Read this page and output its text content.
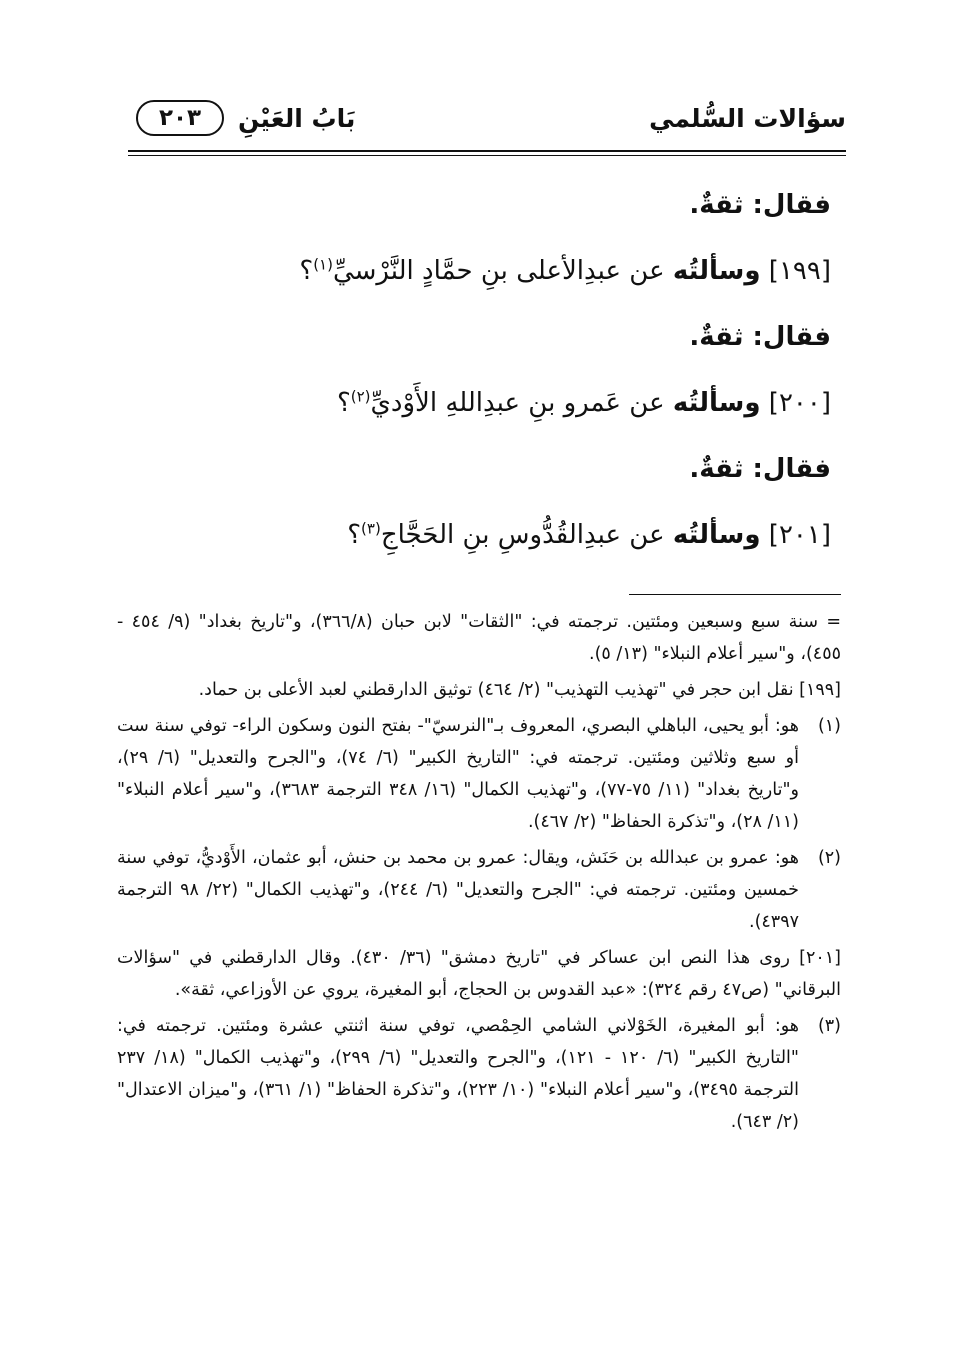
سؤالات السُّلمي
بَابُ العَيْنِ
٢٠٣
فقال: ثقةٌ.
[١٩٩] وسألتُه عن عبدِالأعلى بنِ حمَّادٍ النَّرْسيِّ$^{(١)}$؟
فقال: ثقةٌ.
[٢٠٠] وسألتُه عن عَمرو بنِ عبدِاللهِ الأَوْديِّ$^{(٢)}$؟
فقال: ثقةٌ.
[٢٠١] وسألتُه عن عبدِالقُدُّوسِ بنِ الحَجَّاجِ$^{(٣)}$؟
= سنة سبع وسبعين ومئتين. ترجمته في: "الثقات" لابن حبان (٣٦٦/٨)، و"تاريخ بغداد" (٩/ ٤٥٤ - ٤٥٥)، و"سير أعلام النبلاء" (١٣/ ٥).
[١٩٩] نقل ابن حجر في "تهذيب التهذيب" (٢/ ٤٦٤) توثيق الدارقطني لعبد الأعلى بن حماد.
(١)
هو: أبو يحيى، الباهلي البصري، المعروف بـ"النرسيّ"- بفتح النون وسكون الراء- توفي سنة ست أو سبع وثلاثين ومئتين. ترجمته في: "التاريخ الكبير" (٦/ ٧٤)، و"الجرح والتعديل" (٦/ ٢٩)، و"تاريخ بغداد" (١١/ ٧٥-٧٧)، و"تهذيب الكمال" (١٦/ ٣٤٨ الترجمة ٣٦٨٣)، و"سير أعلام النبلاء" (١١/ ٢٨)، و"تذكرة الحفاظ" (٢/ ٤٦٧).
(٢)
هو: عمرو بن عبدالله بن حَنَش، ويقال: عمرو بن محمد بن حنش، أبو عثمان، الأَوْديُّ، توفي سنة خمسين ومئتين. ترجمته في: "الجرح والتعديل" (٦/ ٢٤٤)، و"تهذيب الكمال" (٢٢/ ٩٨ الترجمة ٤٣٩٧).
[٢٠١] روى هذا النص ابن عساكر في "تاريخ دمشق" (٣٦/ ٤٣٠). وقال الدارقطني في "سؤالات البرقاني" (ص٤٧ رقم ٣٢٤): «عبد القدوس بن الحجاج، أبو المغيرة، يروي عن الأوزاعي، ثقة».
(٣)
هو: أبو المغيرة، الخَوْلاني الشامي الحِمْصي، توفي سنة اثنتي عشرة ومئتين. ترجمته في: "التاريخ الكبير" (٦/ ١٢٠ - ١٢١)، و"الجرح والتعديل" (٦/ ٢٩٩)، و"تهذيب الكمال" (١٨/ ٢٣٧ الترجمة ٣٤٩٥)، و"سير أعلام النبلاء" (١٠/ ٢٢٣)، و"تذكرة الحفاظ" (١/ ٣٦١)، و"ميزان الاعتدال" (٢/ ٦٤٣).
